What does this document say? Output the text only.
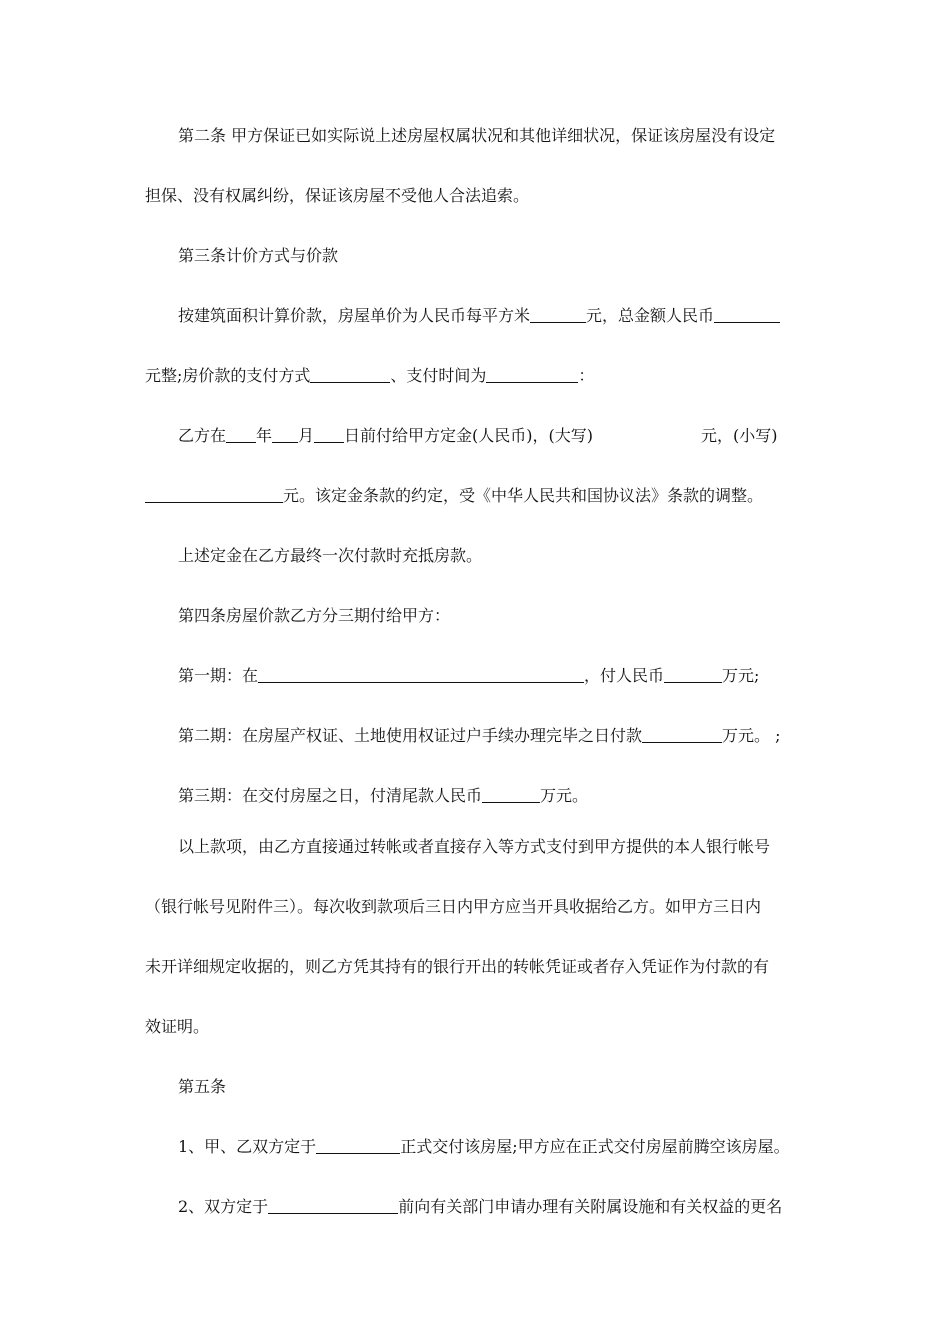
第二条 甲方保证已如实际说上述房屋权属状况和其他详细状况，保证该房屋没有设定
担保、没有权属纠纷，保证该房屋不受他人合法追索。
第三条计价方式与价款
按建筑面积计算价款，房屋单价为人民币每平方米	元，总金额人民币
元整;房价款的支付方式	、支付时间为	：
乙方在 年 月 日前付给甲方定金(人民币)，(大写)	元，(小写)
元。该定金条款的约定，受《中华人民共和国协议法》条款的调整。
上述定金在乙方最终一次付款时充抵房款。
第四条房屋价款乙方分三期付给甲方：
第一期：在	，付人民币	万元;
第二期：在房屋产权证、土地使用权证过户手续办理完毕之日付款	万元。 ;
第三期：在交付房屋之日，付清尾款人民币	万元。
以上款项，由乙方直接通过转帐或者直接存入等方式支付到甲方提供的本人银行帐号
（银行帐号见附件三）。每次收到款项后三日内甲方应当开具收据给乙方。如甲方三日内
未开详细规定收据的，则乙方凭其持有的银行开出的转帐凭证或者存入凭证作为付款的有
效证明。
第五条
1、甲、乙双方定于	正式交付该房屋;甲方应在正式交付房屋前腾空该房屋。
2、双方定于	前向有关部门申请办理有关附属设施和有关权益的更名
